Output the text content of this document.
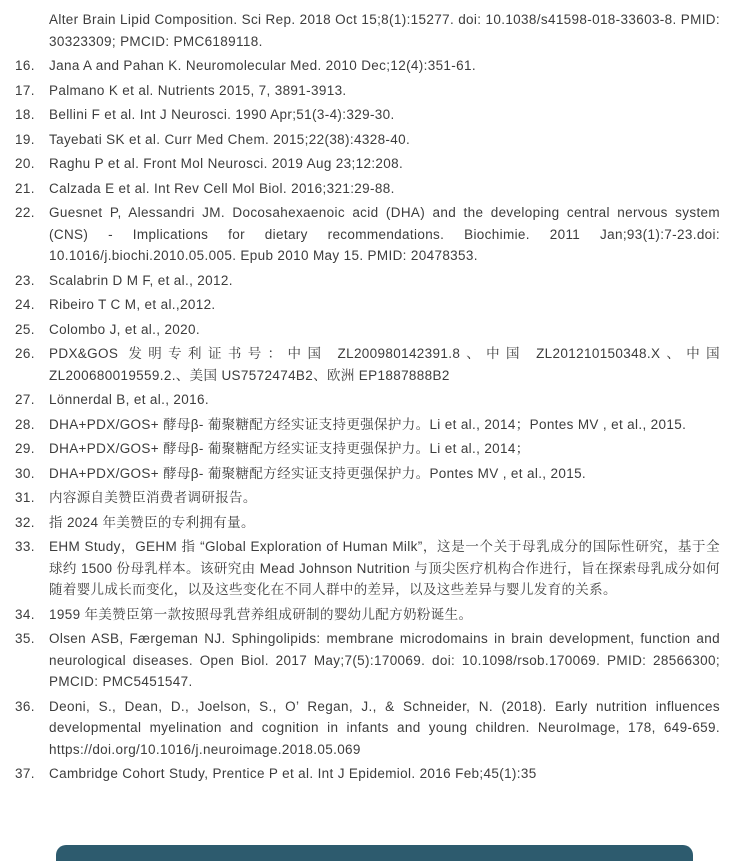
Alter Brain Lipid Composition. Sci Rep. 2018 Oct 15;8(1):15277. doi: 10.1038/s41598-018-33603-8. PMID: 30323309; PMCID: PMC6189118.
16.	Jana A and Pahan K. Neuromolecular Med. 2010 Dec;12(4):351-61.
17.	Palmano K et al. Nutrients 2015, 7, 3891-3913.
18.	Bellini F et al. Int J Neurosci. 1990 Apr;51(3-4):329-30.
19.	Tayebati SK et al. Curr Med Chem. 2015;22(38):4328-40.
20.	Raghu P et al. Front Mol Neurosci. 2019 Aug 23;12:208.
21.	Calzada E et al. Int Rev Cell Mol Biol. 2016;321:29-88.
22.	Guesnet P, Alessandri JM. Docosahexaenoic acid (DHA) and the developing central nervous system (CNS) - Implications for dietary recommendations. Biochimie. 2011 Jan;93(1):7-23.doi: 10.1016/j.biochi.2010.05.005. Epub 2010 May 15. PMID: 20478353.
23.	Scalabrin D M F, et al., 2012.
24.	Ribeiro T C M, et al.,2012.
25.	Colombo J, et al., 2020.
26.	PDX&GOS 发明专利证书号：中国 ZL200980142391.8、中国 ZL201210150348.X、中国 ZL200680019559.2.、美国 US7572474B2、欧洲 EP1887888B2
27.	Lönnerdal B, et al., 2016.
28.	DHA+PDX/GOS+ 酵母β- 葡聚糖配方经实证支持更强保护力。Li et al., 2014；Pontes MV , et al., 2015.
29.	DHA+PDX/GOS+ 酵母β- 葡聚糖配方经实证支持更强保护力。Li et al., 2014；
30.	DHA+PDX/GOS+ 酵母β- 葡聚糖配方经实证支持更强保护力。Pontes MV , et al., 2015.
31.	内容源自美赞臣消费者调研报告。
32.	指 2024 年美赞臣的专利拥有量。
33.	EHM Study，GEHM 指 “Global Exploration of Human Milk”，这是一个关于母乳成分的国际性研究，基于全球约 1500 份母乳样本。该研究由 Mead Johnson Nutrition 与顶尖医疗机构合作进行，旨在探索母乳成分如何随着婴儿成长而变化，以及这些变化在不同人群中的差异，以及这些差异与婴儿发育的关系。
34.	1959 年美赞臣第一款按照母乳营养组成研制的婴幼儿配方奶粉诞生。
35.	Olsen ASB, Færgeman NJ. Sphingolipids: membrane microdomains in brain development, function and neurological diseases. Open Biol. 2017 May;7(5):170069. doi: 10.1098/rsob.170069. PMID: 28566300; PMCID: PMC5451547.
36.	Deoni, S., Dean, D., Joelson, S., O’ Regan, J., & Schneider, N. (2018). Early nutrition influences developmental myelination and cognition in infants and young children. NeuroImage, 178, 649-659. https://doi.org/10.1016/j.neuroimage.2018.05.069
37.	Cambridge Cohort Study, Prentice P et al. Int J Epidemiol. 2016 Feb;45(1):35
